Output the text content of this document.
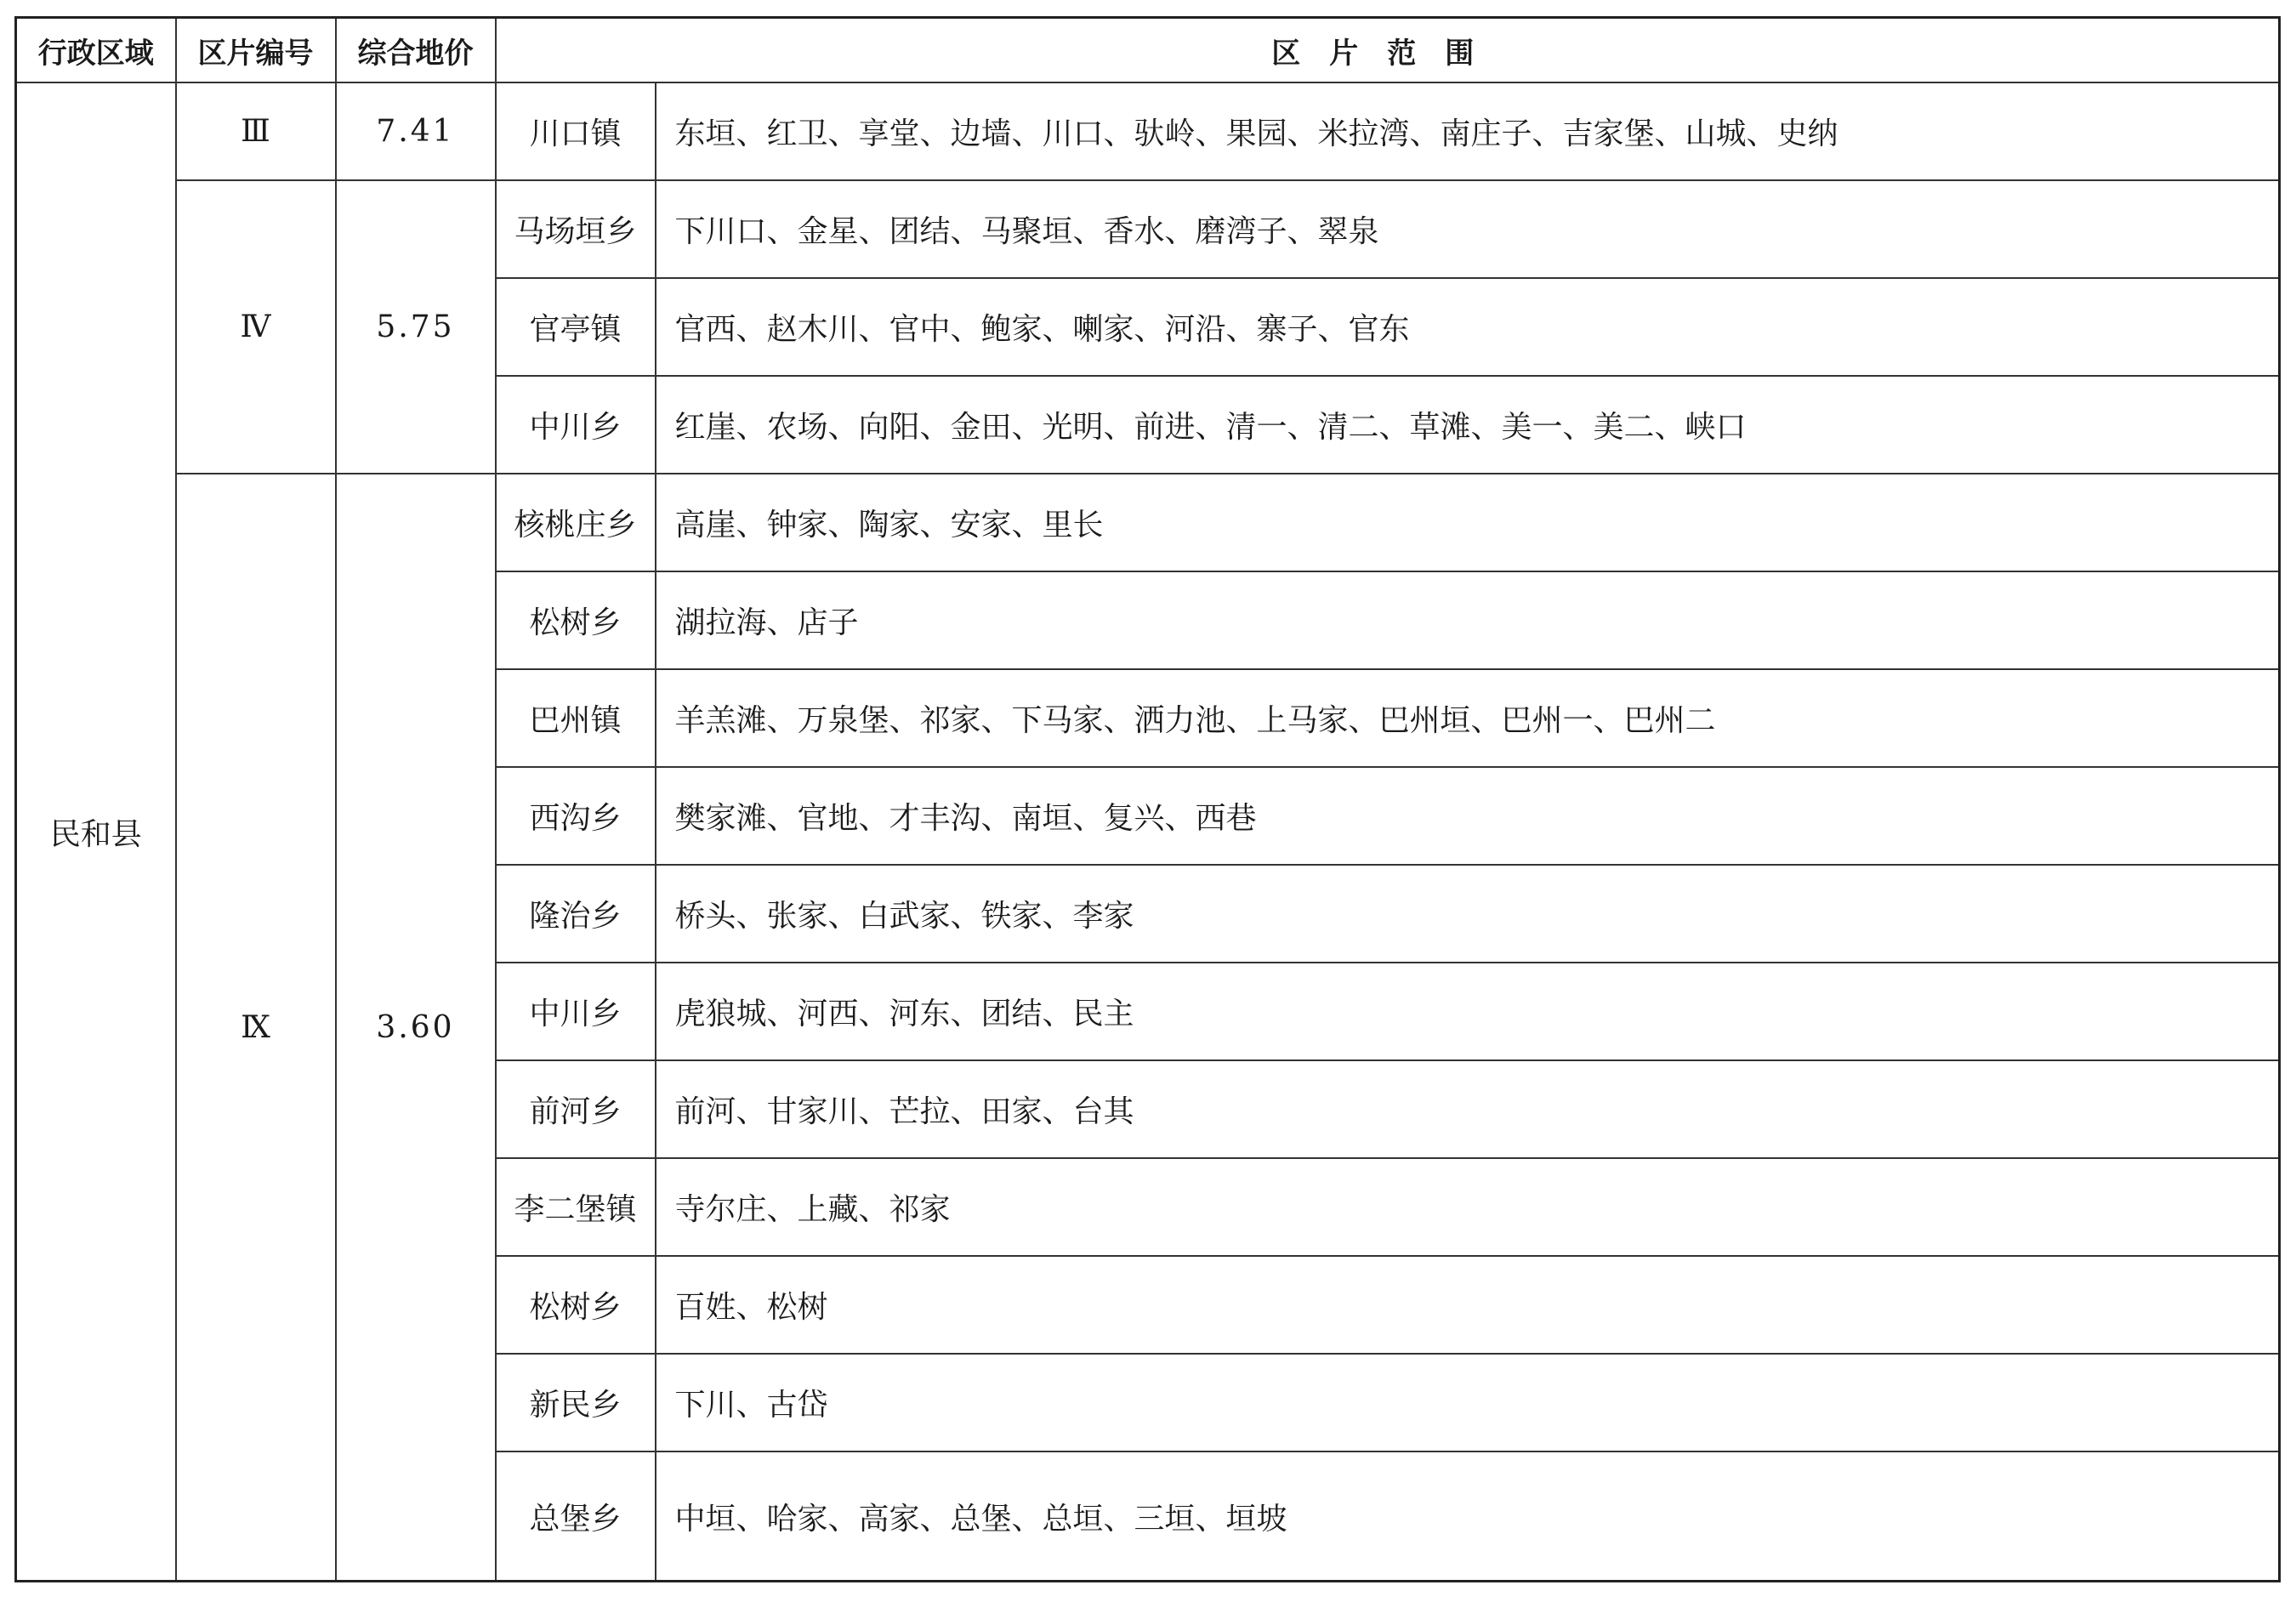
行政区域	区片编号	综合地价	区片范围	
民和县	Ⅲ	7.41	川口镇	东垣、红卫、享堂、边墙、川口、驮岭、果园、米拉湾、南庄子、吉家堡、山城、史纳
	Ⅳ	5.75	马场垣乡	下川口、金星、团结、马聚垣、香水、磨湾子、翠泉
			官亭镇	官西、赵木川、官中、鲍家、喇家、河沿、寨子、官东
			中川乡	红崖、农场、向阳、金田、光明、前进、清一、清二、草滩、美一、美二、峡口
	Ⅸ	3.60	核桃庄乡	高崖、钟家、陶家、安家、里长
			松树乡	湖拉海、店子
			巴州镇	羊羔滩、万泉堡、祁家、下马家、洒力池、上马家、巴州垣、巴州一、巴州二
			西沟乡	樊家滩、官地、才丰沟、南垣、复兴、西巷
			隆治乡	桥头、张家、白武家、铁家、李家
			中川乡	虎狼城、河西、河东、团结、民主
			前河乡	前河、甘家川、芒拉、田家、台其
			李二堡镇	寺尔庄、上藏、祁家
			松树乡	百姓、松树
			新民乡	下川、古岱
			总堡乡	中垣、哈家、高家、总堡、总垣、三垣、垣坡
